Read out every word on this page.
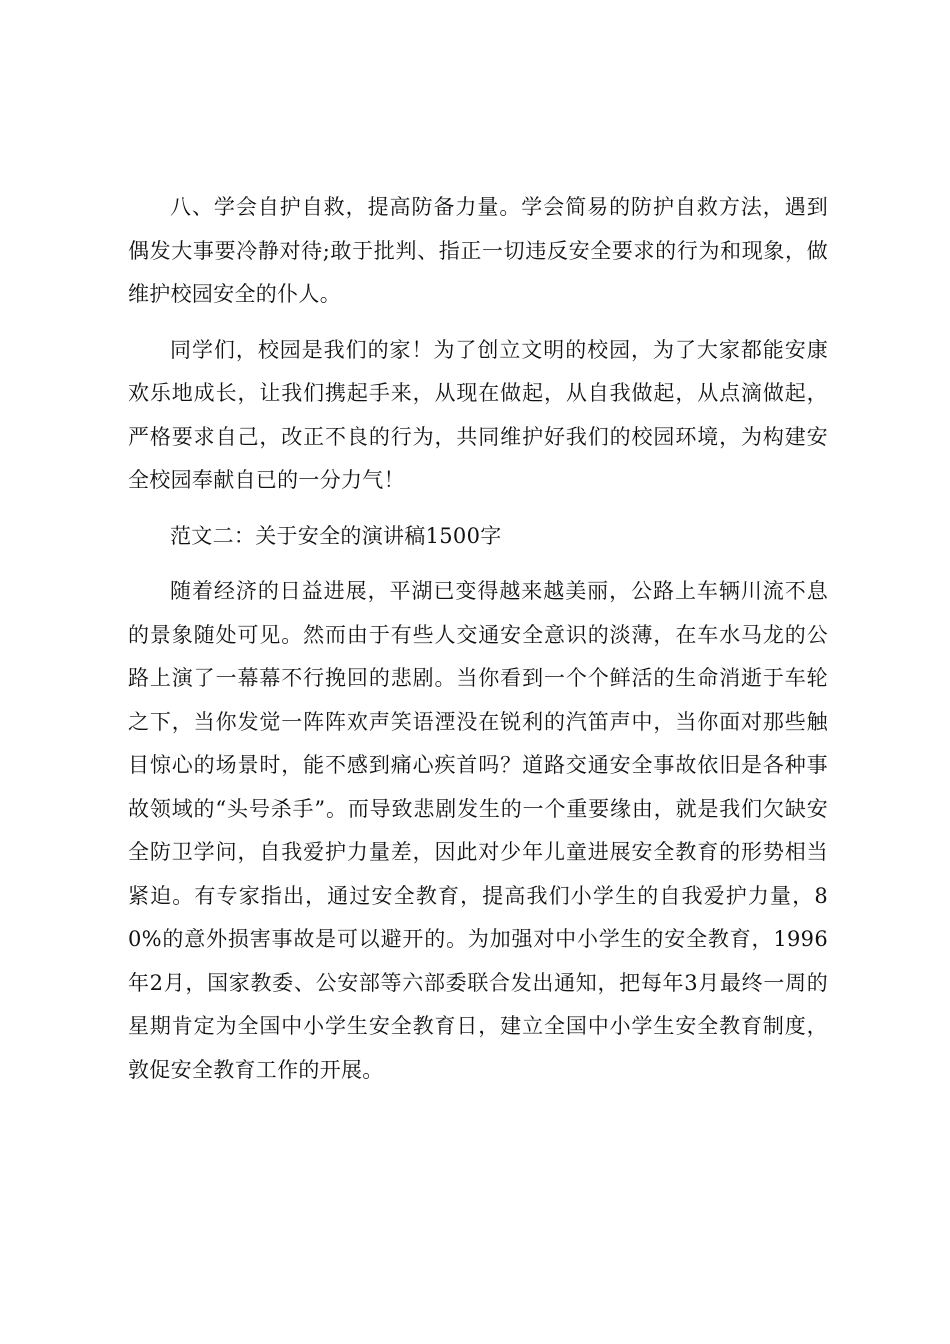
八、学会自护自救，提高防备力量。学会简易的防护自救方法，遇到偶发大事要冷静对待;敢于批判、指正一切违反安全要求的行为和现象，做维护校园安全的仆人。

同学们，校园是我们的家！为了创立文明的校园，为了大家都能安康欢乐地成长，让我们携起手来，从现在做起，从自我做起，从点滴做起，严格要求自己，改正不良的行为，共同维护好我们的校园环境，为构建安全校园奉献自已的一分力气！

范文二：关于安全的演讲稿1500字

随着经济的日益进展，平湖已变得越来越美丽，公路上车辆川流不息的景象随处可见。然而由于有些人交通安全意识的淡薄，在车水马龙的公路上演了一幕幕不行挽回的悲剧。当你看到一个个鲜活的生命消逝于车轮之下，当你发觉一阵阵欢声笑语湮没在锐利的汽笛声中，当你面对那些触目惊心的场景时，能不感到痛心疾首吗？道路交通安全事故依旧是各种事故领域的“头号杀手”。而导致悲剧发生的一个重要缘由，就是我们欠缺安全防卫学问，自我爱护力量差，因此对少年儿童进展安全教育的形势相当紧迫。有专家指出，通过安全教育，提高我们小学生的自我爱护力量，80%的意外损害事故是可以避开的。为加强对中小学生的安全教育，1996年2月，国家教委、公安部等六部委联合发出通知，把每年3月最终一周的星期肯定为全国中小学生安全教育日，建立全国中小学生安全教育制度，敦促安全教育工作的开展。
